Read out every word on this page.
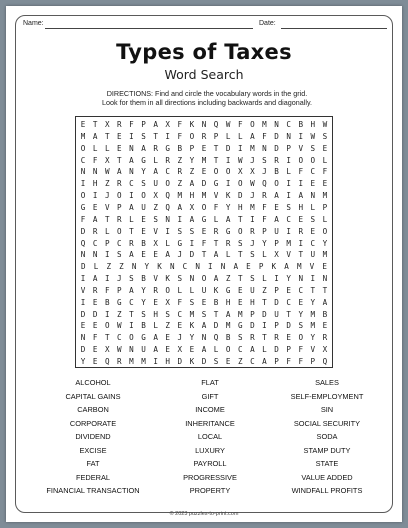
Name:	Date:
Types of Taxes
Word Search
DIRECTIONS: Find and circle the vocabulary words in the grid.
Look for them in all directions including backwards and diagonally.
E T X R F P A X F K N Q W F O M N C B H W
M A T E I S T I F O R P L L A F D N I W S
O L L E N A R G B P E T D I M N D P V S E
C F X T A G L R Z Y M T I W J S R I O O L
N N W A N Y A C R Z E O O X X J B L F C F
I H Z R C S U O Z A D G I O W Q O I I E E
O I J O I O X Q M H M V K D J R A I A N M
G E V P A U Z Q A X O F Y H M F E S H L P
F A T R L E S N I A G L A T I F A C E S L
D R L O T E V I S S E R G O R P U I R E O
Q C P C R B X L G I F T R S J Y P M I C Y
N N I S A E E A J D T A L T S L X V T U M
D	L	Z	Z	N	Y	K	N	C	N	I	N	A	E	P	K	A	M	V	E
I A I J S B V K S N O A Z T S L I Y N I N
V R F P A Y R O L L U K G E U Z P E C T T
I E B G C Y E X F S E B H E H T D C E Y A
D D I Z T S H S C M S T A M P D U T Y M B
E E O W I B L Z E K A D M G D I P D S M E
N F T C O G A E J Y N Q B S R T R E O Y R
D E X W N U A E X E A L O C A L D P F V X
Y E Q R M M I H D K D S E Z C A P F F P Q
ALCOHOL
CAPITAL GAINS
CARBON
CORPORATE
DIVIDEND
EXCISE
FAT
FEDERAL
FINANCIAL TRANSACTION
FLAT
GIFT
INCOME
INHERITANCE
LOCAL
LUXURY
PAYROLL
PROGRESSIVE
PROPERTY
SALES
SELF-EMPLOYMENT
SIN
SOCIAL SECURITY
SODA
STAMP DUTY
STATE
VALUE ADDED
WINDFALL PROFITS
© 2023 puzzles-to-print.com
